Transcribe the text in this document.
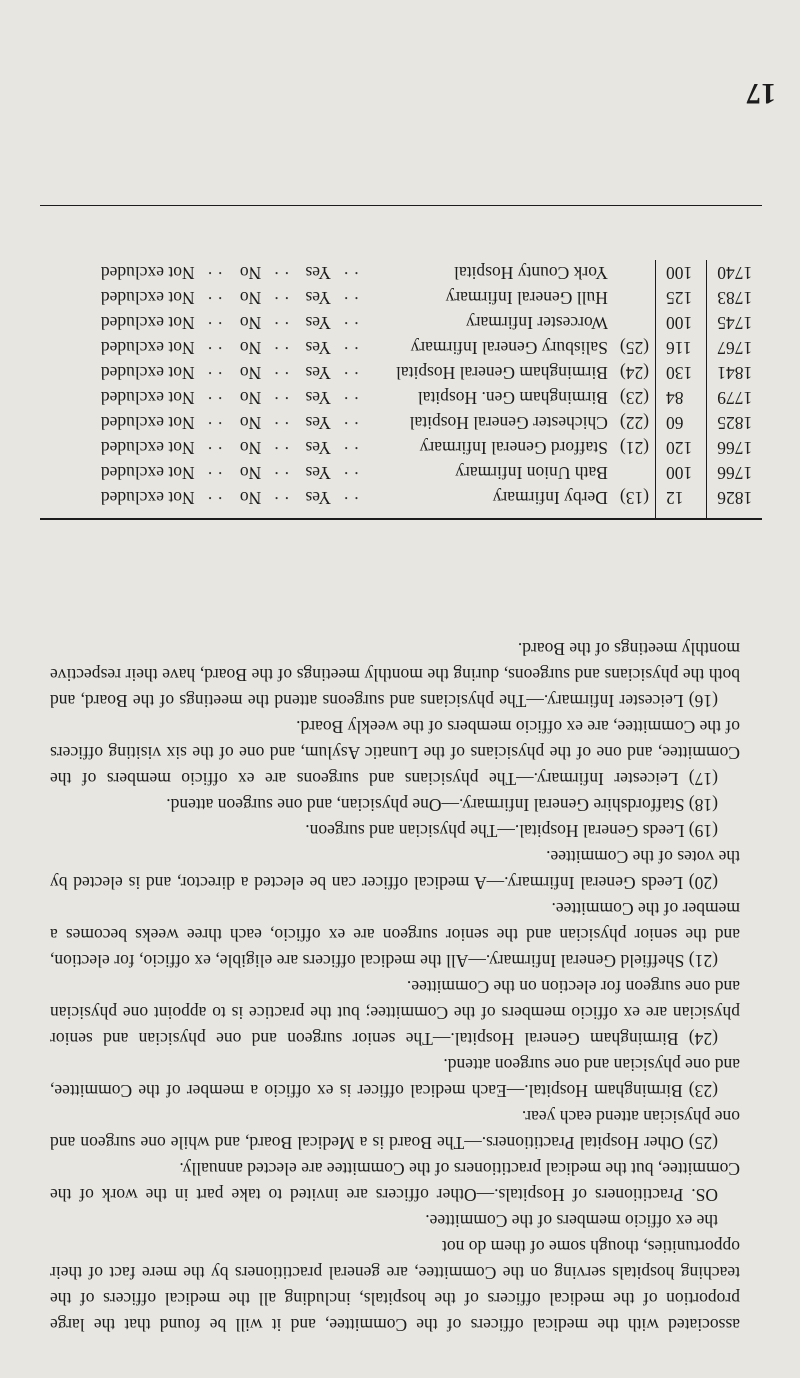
17

associated with the medical officers of the Committee, and it will be found that the large proportion of the medical officers of the hospitals, including all the medical officers of the teaching hospitals serving on the Committee, are general practitioners by the mere fact of their opportunities, though some of them do not

the ex officio members of the Committee.

OS. Practitioners of Hospitals.—Other officers are invited to take part in the work of the Committee, but the medical practitioners of the Committee are elected annually.

(25) Other Hospital Practitioners.—The Board is a Medical Board, and while one surgeon and one physician attend each year.

(23) Birmingham Hospital.—Each medical officer is ex officio a member of the Committee, and one physician and one surgeon attend.

(24) Birmingham General Hospital.—The senior surgeon and one physician and senior physician are ex officio members of the Committee; but the practice is to appoint one physician and one surgeon for election on the Committee.

(21) Sheffield General Infirmary.—All the medical officers are eligible, ex officio, for election, and the senior physician and the senior surgeon are ex officio, each three weeks becomes a member of the Committee.

(20) Leeds General Infirmary.—A medical officer can be elected a director, and is elected by the votes of the Committee.

(19) Leeds General Hospital.—The physician and surgeon.

(18) Staffordshire General Infirmary.—One physician, and one surgeon attend.

(17) Leicester Infirmary.—The physicians and surgeons are ex officio members of the Committee, and one of the physicians of the Lunatic Asylum, and one of the six visiting officers of the Committee, are ex officio members of the weekly Board.

(16) Leicester Infirmary.—The physicians and surgeons attend the meetings of the Board, and both the physicians and surgeons, during the monthly meetings of the Board, have their respective monthly meetings of the Board.

1826	12	(13)	Derby Infirmary	· ·	Yes	· ·	No	· ·	Not excluded
1766	100		Bath Union Infirmary	· ·	Yes	· ·	No	· ·	Not excluded
1766	120	(21)	Stafford General Infirmary	· ·	Yes	· ·	No	· ·	Not excluded
1825	60	(22)	Chichester General Hospital	· ·	Yes	· ·	No	· ·	Not excluded
1779	84	(23)	Birmingham Gen. Hospital	· ·	Yes	· ·	No	· ·	Not excluded
1841	130	(24)	Birmingham General Hospital	· ·	Yes	· ·	No	· ·	Not excluded
1767	116	(25)	Salisbury General Infirmary	· ·	Yes	· ·	No	· ·	Not excluded
1745	100		Worcester Infirmary	· ·	Yes	· ·	No	· ·	Not excluded
1783	125		Hull General Infirmary	· ·	Yes	· ·	No	· ·	Not excluded
1740	100		York County Hospital	· ·	Yes	· ·	No	· ·	Not excluded
